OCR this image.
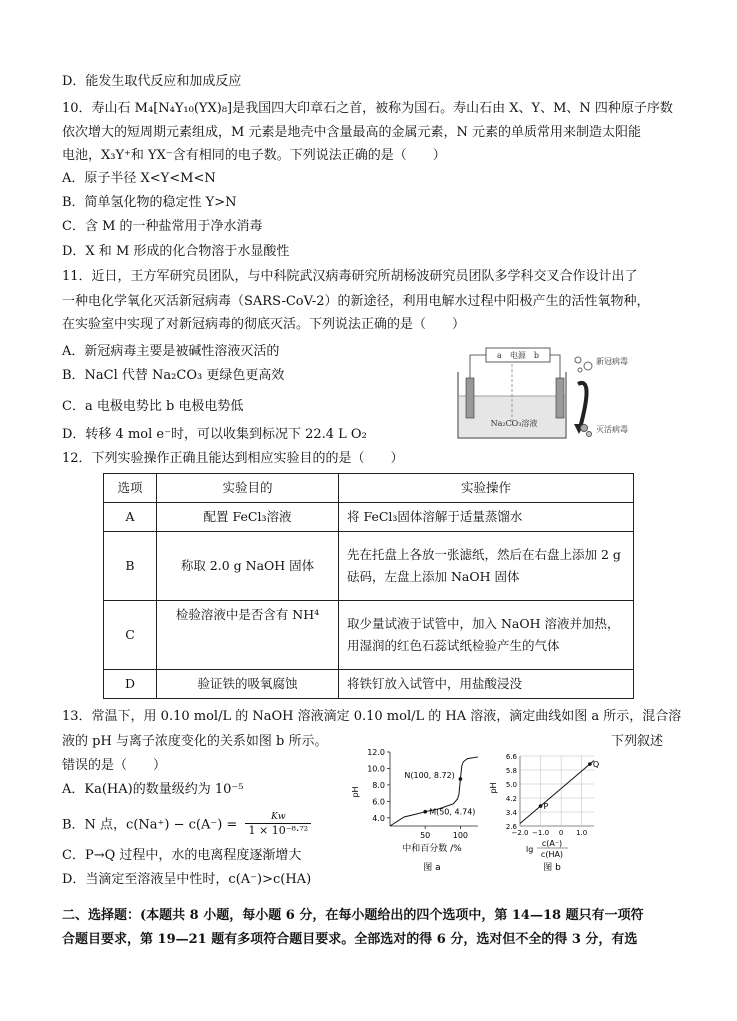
D．能发生取代反应和加成反应
10．寿山石 M₄[N₄Y₁₀(YX)₈]是我国四大印章石之首，被称为国石。寿山石由 X、Y、M、N 四种原子序数
依次增大的短周期元素组成，M 元素是地壳中含量最高的金属元素，N 元素的单质常用来制造太阳能
电池，X₃Y⁺和 YX⁻含有相同的电子数。下列说法正确的是（　　）
A．原子半径 X<Y<M<N
B．简单氢化物的稳定性 Y>N
C．含 M 的一种盐常用于净水消毒
D．X 和 M 形成的化合物溶于水显酸性
11．近日，王方军研究员团队，与中科院武汉病毒研究所胡杨波研究员团队多学科交叉合作设计出了
一种电化学氧化灭活新冠病毒（SARS-CoV-2）的新途径，利用电解水过程中阳极产生的活性氧物种，
在实验室中实现了对新冠病毒的彻底灭活。下列说法正确的是（　　）
A．新冠病毒主要是被碱性溶液灭活的
B．NaCl 代替 Na₂CO₃ 更绿色更高效
C．a 电极电势比 b 电极电势低
D．转移 4 mol e⁻时，可以收集到标况下 22.4 L O₂
12．下列实验操作正确且能达到相应实验目的的是（　　）
a　电源　b
Na₂CO₃溶液
新冠病毒
灭活病毒
选项	实验目的	实验操作
A	配置 FeCl₃溶液	将 FeCl₃固体溶解于适量蒸馏水
B	称取 2.0 g NaOH 固体	先在托盘上各放一张滤纸，然后在右盘上添加 2 g 砝码，左盘上添加 NaOH 固体
C	检验溶液中是否含有 NH⁴	取少量试液于试管中，加入 NaOH 溶液并加热，用湿润的红色石蕊试纸检验产生的气体
D	验证铁的吸氧腐蚀	将铁钉放入试管中，用盐酸浸没
13．常温下，用 0.10 mol/L 的 NaOH 溶液滴定 0.10 mol/L 的 HA 溶液，滴定曲线如图 a 所示，混合溶
液的 pH 与离子浓度变化的关系如图 b 所示。	下列叙述
错误的是（　　）
A．Ka(HA)的数量级约为 10⁻⁵
B．N 点，c(Na⁺) − c(A⁻) =
Kw
1 × 10⁻⁸·⁷²
C．P→Q 过程中，水的电离程度逐渐增大
D．当滴定至溶液呈中性时，c(A⁻)>c(HA)
pH
中和百分数 /%
图 a
4.0
6.0
8.0
10.0
12.0
50	100
N(100, 8.72)
M(50, 4.74)
pH
lg
c(A⁻)
c(HA)
图 b
2.6
3.4
4.2
5.0
5.8
6.6
−2.0 −1.0 0 1.0
P
Q
二、选择题：(本题共 8 小题，每小题 6 分，在每小题给出的四个选项中，第 14—18 题只有一项符
合题目要求，第 19—21 题有多项符合题目要求。全部选对的得 6 分，选对但不全的得 3 分，有选
